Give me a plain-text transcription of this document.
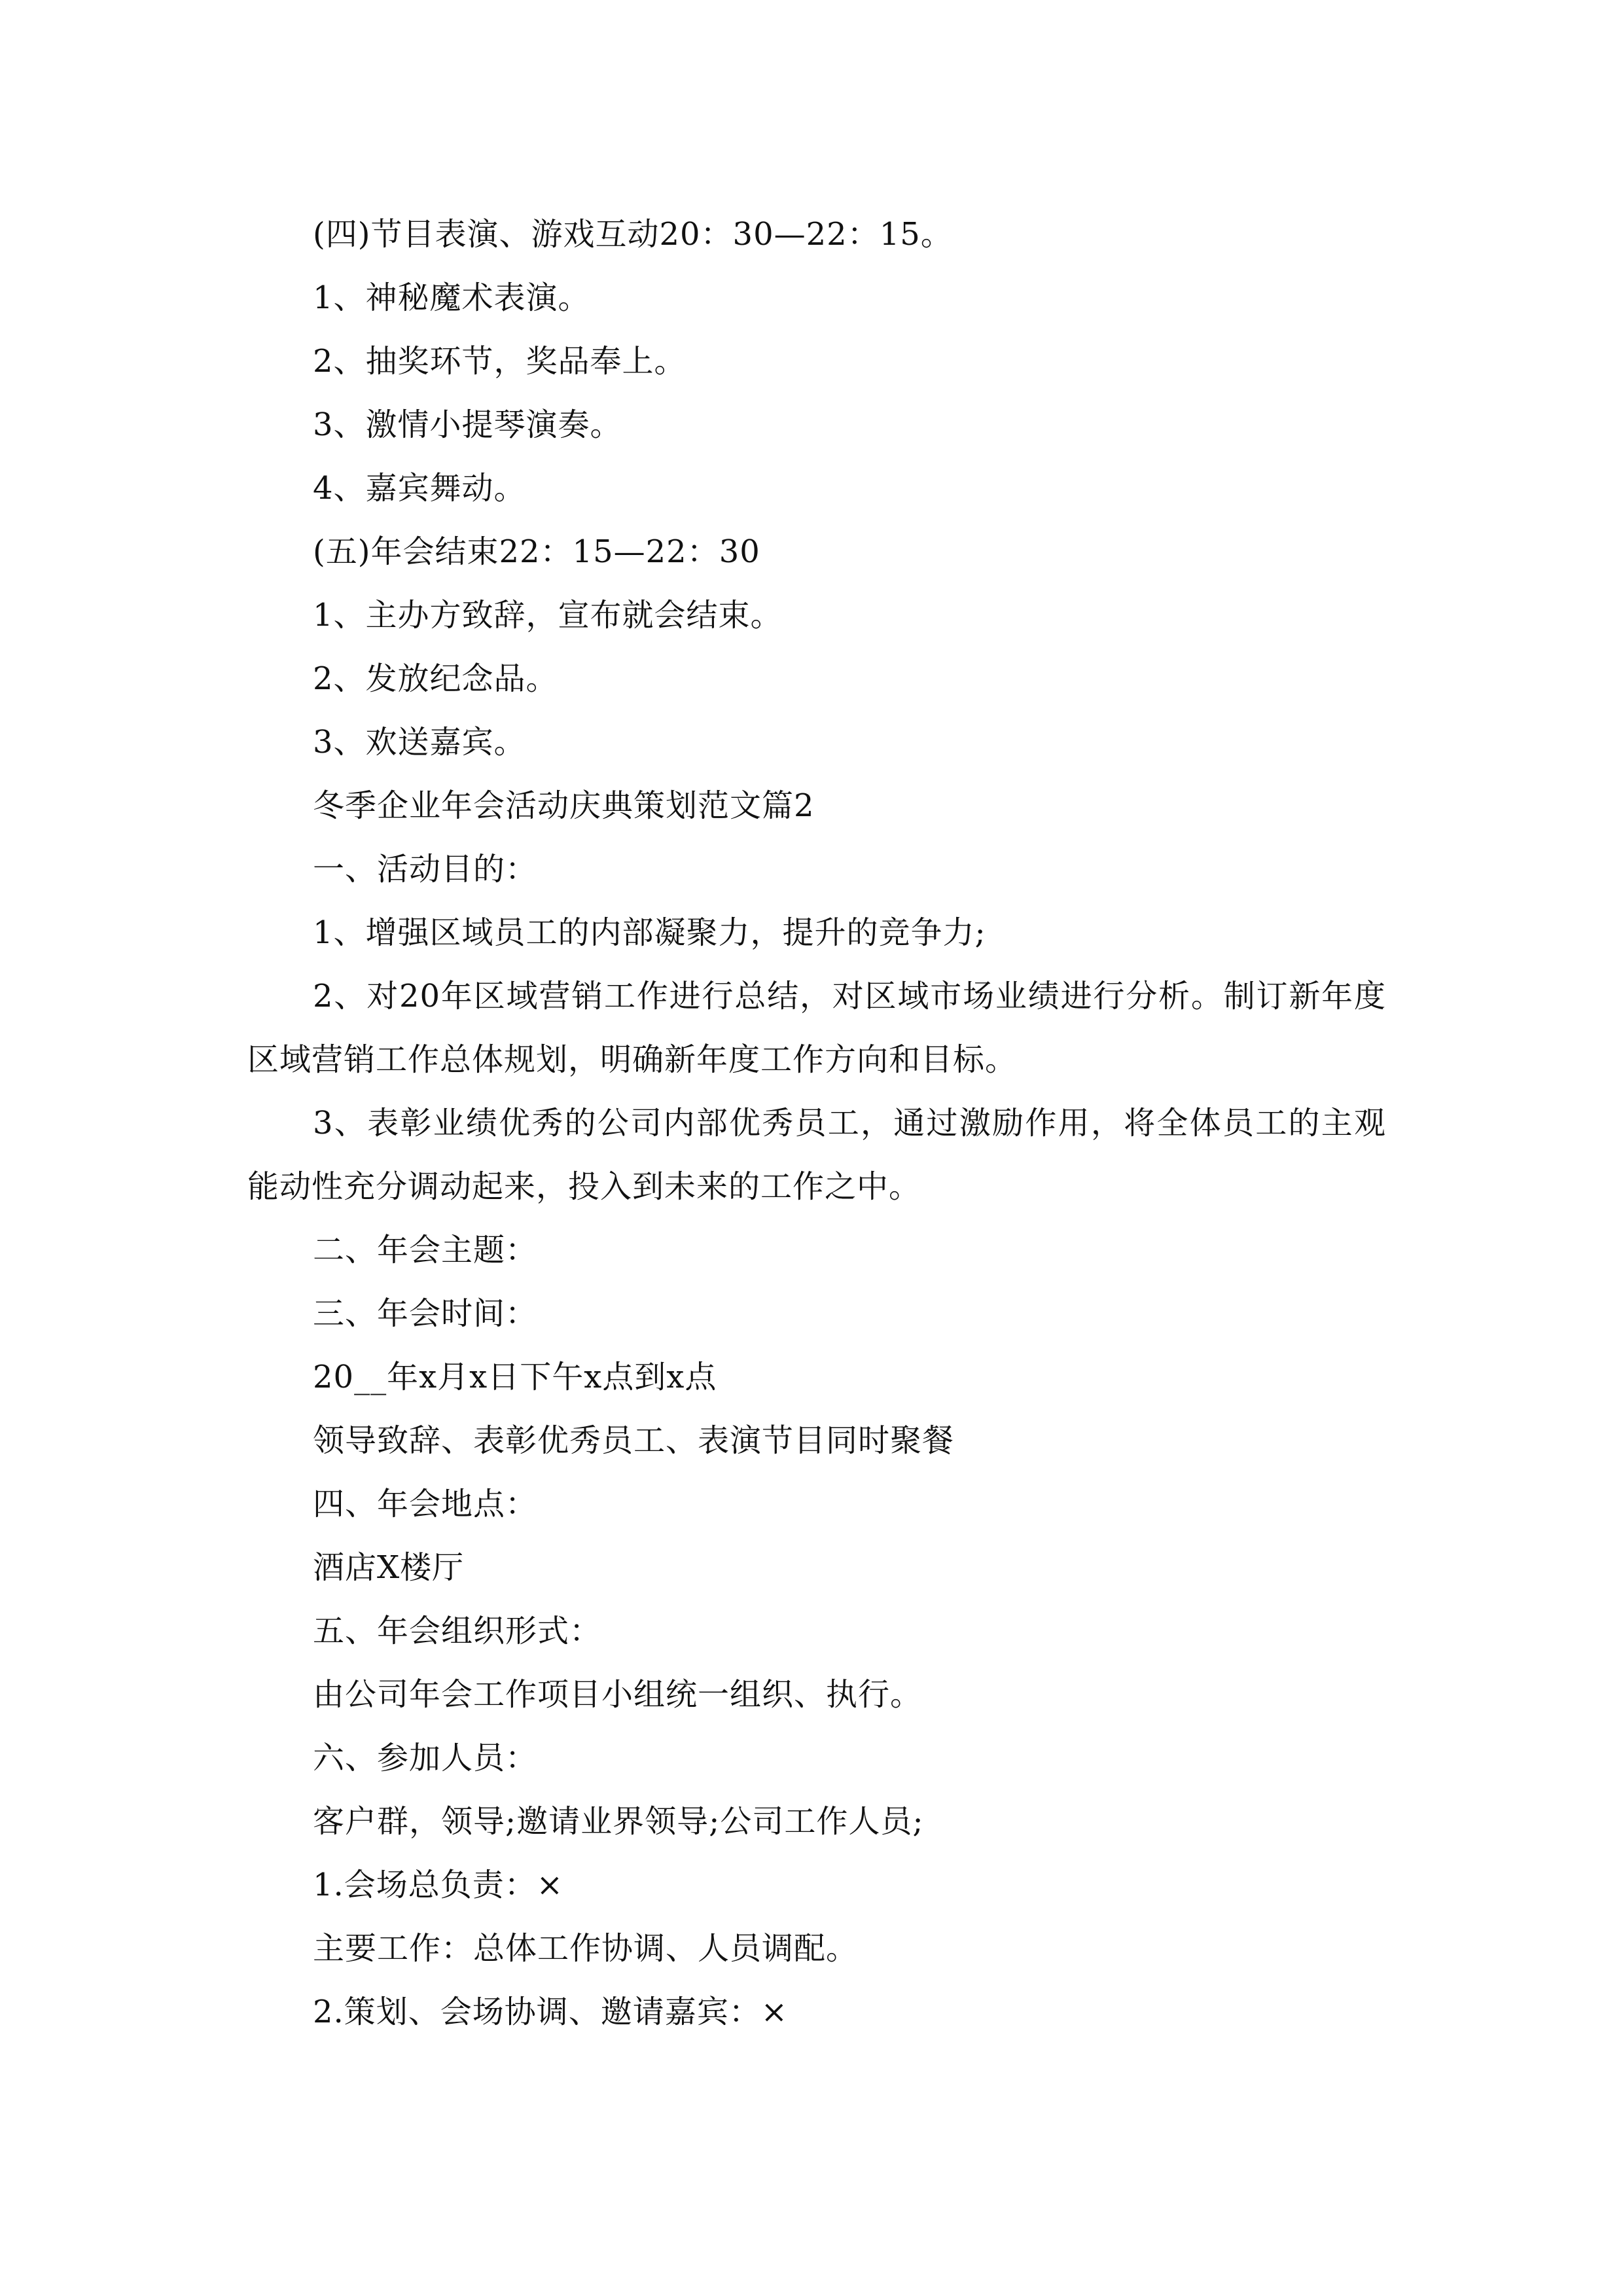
(四)节目表演、游戏互动20：30—22：15。

1、神秘魔术表演。

2、抽奖环节，奖品奉上。

3、激情小提琴演奏。

4、嘉宾舞动。

(五)年会结束22：15—22：30

1、主办方致辞，宣布就会结束。

2、发放纪念品。

3、欢送嘉宾。

冬季企业年会活动庆典策划范文篇2

一、活动目的：

1、增强区域员工的内部凝聚力，提升的竞争力;

2、对20年区域营销工作进行总结，对区域市场业绩进行分析。制订新年度区域营销工作总体规划，明确新年度工作方向和目标。

3、表彰业绩优秀的公司内部优秀员工，通过激励作用，将全体员工的主观能动性充分调动起来，投入到未来的工作之中。

二、年会主题：

三、年会时间：

20__年x月x日下午x点到x点

领导致辞、表彰优秀员工、表演节目同时聚餐

四、年会地点：

酒店X楼厅

五、年会组织形式：

由公司年会工作项目小组统一组织、执行。

六、参加人员：

客户群，领导;邀请业界领导;公司工作人员;

1.会场总负责：×

主要工作：总体工作协调、人员调配。

2.策划、会场协调、邀请嘉宾：×
